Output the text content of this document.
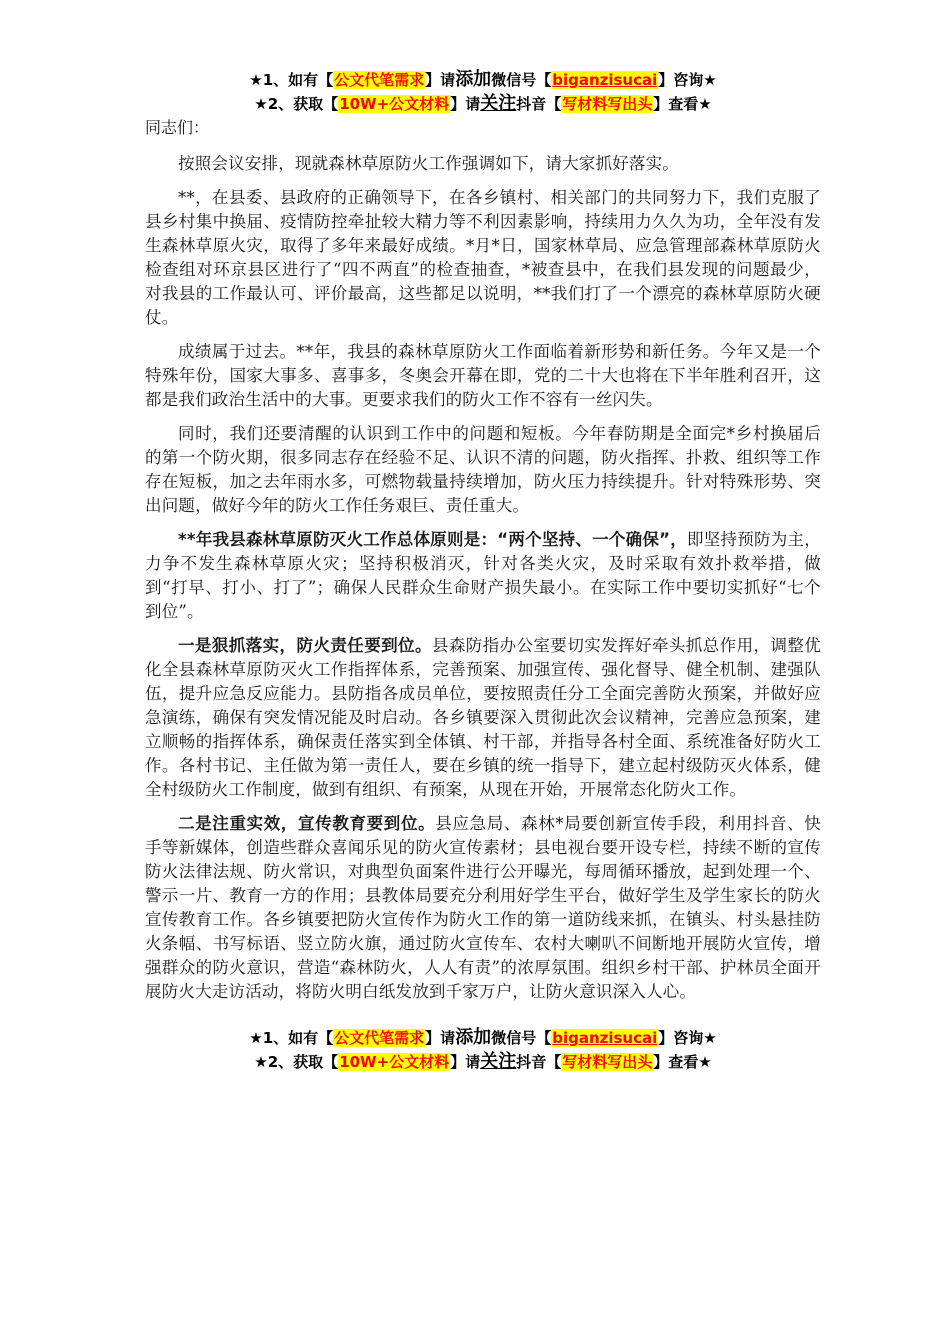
★1、如有【公文代笔需求】请添加微信号【biganzisucai】咨询★
★2、获取【10W+公文材料】请关注抖音【写材料写出头】查看★

同志们：

按照会议安排，现就森林草原防火工作强调如下，请大家抓好落实。

**，在县委、县政府的正确领导下，在各乡镇村、相关部门的共同努力下，我们克服了县乡村集中换届、疫情防控牵扯较大精力等不利因素影响，持续用力久久为功，全年没有发生森林草原火灾，取得了多年来最好成绩。*月*日，国家林草局、应急管理部森林草原防火检查组对环京县区进行了“四不两直”的检查抽查，*被查县中，在我们县发现的问题最少，对我县的工作最认可、评价最高，这些都足以说明，**我们打了一个漂亮的森林草原防火硬仗。

成绩属于过去。**年，我县的森林草原防火工作面临着新形势和新任务。今年又是一个特殊年份，国家大事多、喜事多，冬奥会开幕在即，党的二十大也将在下半年胜利召开，这都是我们政治生活中的大事。更要求我们的防火工作不容有一丝闪失。

同时，我们还要清醒的认识到工作中的问题和短板。今年春防期是全面完*乡村换届后的第一个防火期，很多同志存在经验不足、认识不清的问题，防火指挥、扑救、组织等工作存在短板，加之去年雨水多，可燃物载量持续增加，防火压力持续提升。针对特殊形势、突出问题，做好今年的防火工作任务艰巨、责任重大。

**年我县森林草原防灭火工作总体原则是：“两个坚持、一个确保”，即坚持预防为主，力争不发生森林草原火灾；坚持积极消灭，针对各类火灾，及时采取有效扑救举措，做到“打早、打小、打了”；确保人民群众生命财产损失最小。在实际工作中要切实抓好“七个到位”。

一是狠抓落实，防火责任要到位。县森防指办公室要切实发挥好牵头抓总作用，调整优化全县森林草原防灭火工作指挥体系，完善预案、加强宣传、强化督导、健全机制、建强队伍，提升应急反应能力。县防指各成员单位，要按照责任分工全面完善防火预案，并做好应急演练，确保有突发情况能及时启动。各乡镇要深入贯彻此次会议精神，完善应急预案，建立顺畅的指挥体系，确保责任落实到全体镇、村干部，并指导各村全面、系统准备好防火工作。各村书记、主任做为第一责任人，要在乡镇的统一指导下，建立起村级防灭火体系，健全村级防火工作制度，做到有组织、有预案，从现在开始，开展常态化防火工作。

二是注重实效，宣传教育要到位。县应急局、森林*局要创新宣传手段，利用抖音、快手等新媒体，创造些群众喜闻乐见的防火宣传素材；县电视台要开设专栏，持续不断的宣传防火法律法规、防火常识，对典型负面案件进行公开曝光，每周循环播放，起到处理一个、警示一片、教育一方的作用；县教体局要充分利用好学生平台，做好学生及学生家长的防火宣传教育工作。各乡镇要把防火宣传作为防火工作的第一道防线来抓，在镇头、村头悬挂防火条幅、书写标语、竖立防火旗，通过防火宣传车、农村大喇叭不间断地开展防火宣传，增强群众的防火意识，营造“森林防火，人人有责”的浓厚氛围。组织乡村干部、护林员全面开展防火大走访活动，将防火明白纸发放到千家万户，让防火意识深入人心。

★1、如有【公文代笔需求】请添加微信号【biganzisucai】咨询★
★2、获取【10W+公文材料】请关注抖音【写材料写出头】查看★
